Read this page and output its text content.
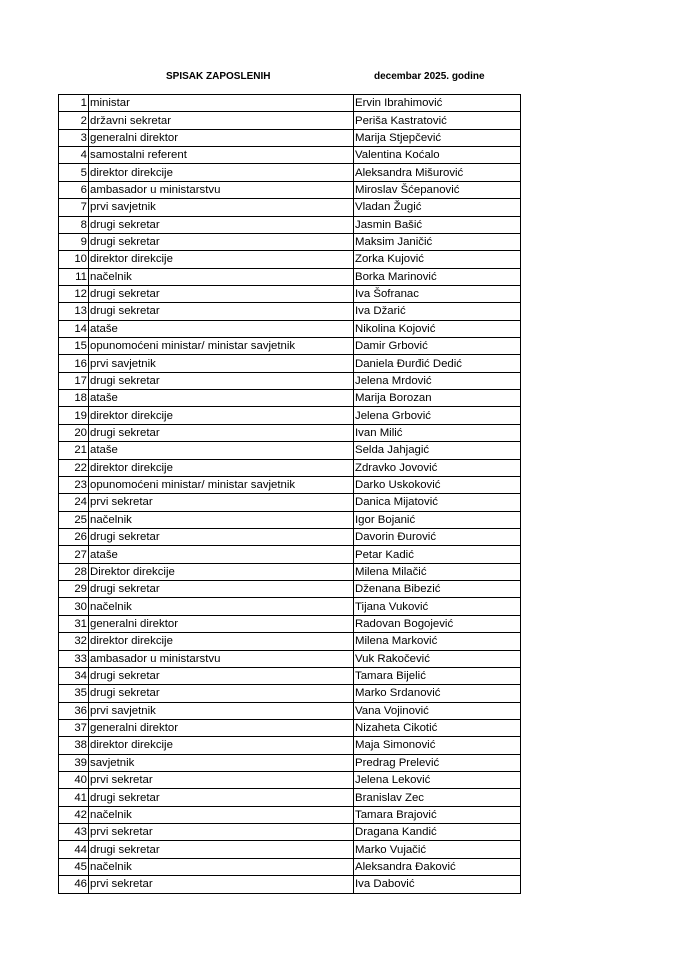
SPISAK ZAPOSLENIH	decembar 2025. godine
1	ministar	Ervin Ibrahimović
2	državni sekretar	Periša Kastratović
3	generalni direktor	Marija Stjepčević
4	samostalni referent	Valentina Koćalo
5	direktor direkcije	Aleksandra Mišurović
6	ambasador u ministarstvu	Miroslav Šćepanović
7	prvi savjetnik	Vladan Žugić
8	drugi sekretar	Jasmin Bašić
9	drugi sekretar	Maksim Janičić
10	direktor direkcije	Zorka Kujović
11	načelnik	Borka Marinović
12	drugi sekretar	Iva Šofranac
13	drugi sekretar	Iva Džarić
14	ataše	Nikolina Kojović
15	opunomoćeni ministar/ ministar savjetnik	Damir Grbović
16	prvi savjetnik	Daniela Đurđić Dedić
17	drugi sekretar	Jelena Mrdović
18	ataše	Marija Borozan
19	direktor direkcije	Jelena Grbović
20	drugi sekretar	Ivan Milić
21	ataše	Selda Jahjagić
22	direktor direkcije	Zdravko Jovović
23	opunomoćeni ministar/ ministar savjetnik	Darko Uskoković
24	prvi sekretar	Danica Mijatović
25	načelnik	Igor Bojanić
26	drugi sekretar	Davorin Đurović
27	ataše	Petar Kadić
28	Direktor direkcije	Milena Milačić
29	drugi sekretar	Dženana Bibezić
30	načelnik	Tijana Vuković
31	generalni direktor	Radovan Bogojević
32	direktor direkcije	Milena Marković
33	ambasador u ministarstvu	Vuk Rakočević
34	drugi sekretar	Tamara Bijelić
35	drugi sekretar	Marko Srdanović
36	prvi savjetnik	Vana Vojinović
37	generalni direktor	Nizaheta Cikotić
38	direktor direkcije	Maja Simonović
39	savjetnik	Predrag Prelević
40	prvi sekretar	Jelena Leković
41	drugi sekretar	Branislav Zec
42	načelnik	Tamara Brajović
43	prvi sekretar	Dragana Kandić
44	drugi sekretar	Marko Vujačić
45	načelnik	Aleksandra Đaković
46	prvi sekretar	Iva Dabović
